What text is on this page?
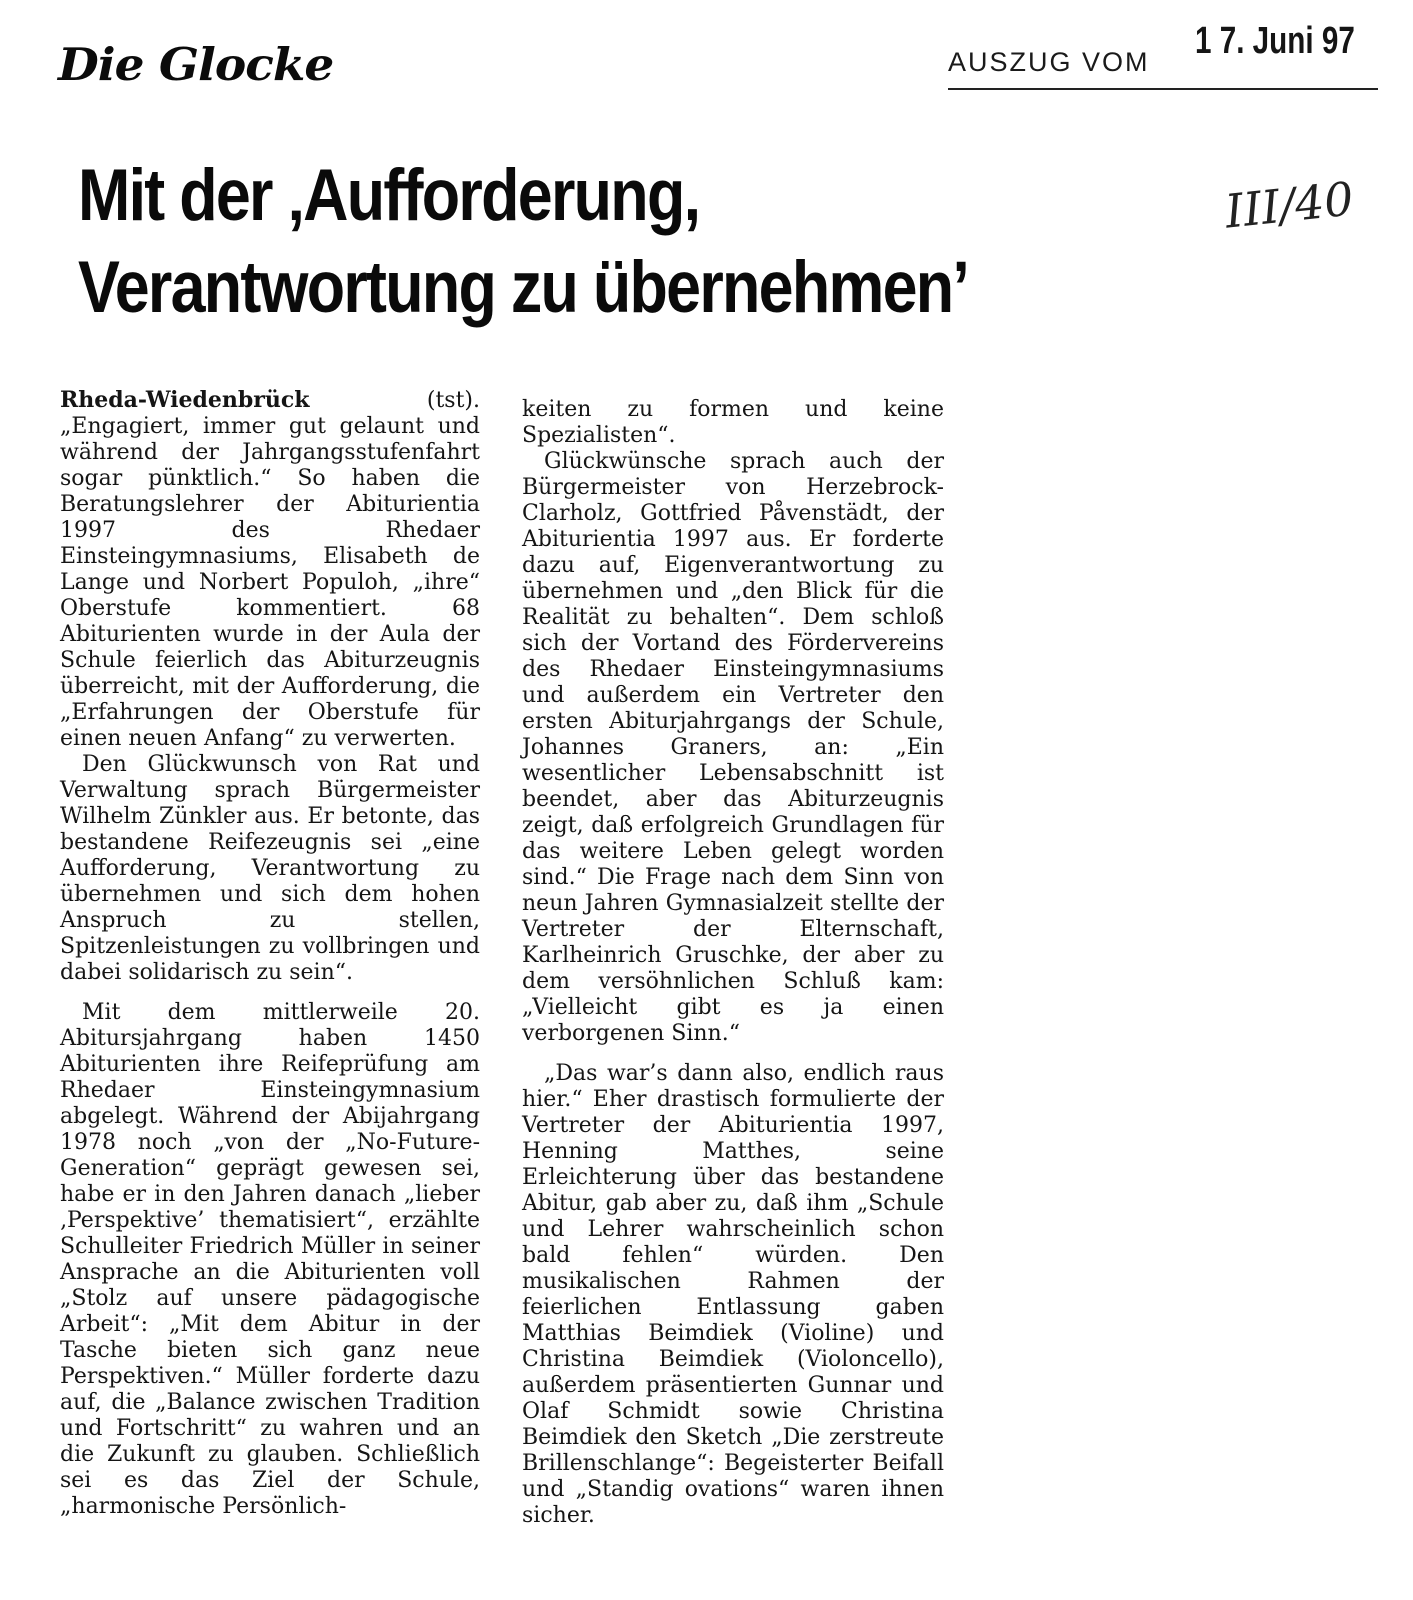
Die Glocke	AUSZUG VOM 1 7. Juni 97
Mit der ‚Aufforderung,
Verantwortung zu übernehmen’
III/40

Rheda-Wiedenbrück	(tst). „Engagiert, immer gut gelaunt und während der Jahrgangsstufenfahrt sogar pünktlich.“ So haben die Beratungslehrer der Abiturientia 1997 des Rhedaer Einsteingymnasiums, Elisabeth de Lange und Norbert Populoh, „ihre“ Oberstufe kommentiert. 68 Abiturienten wurde in der Aula der Schule feierlich das Abiturzeugnis überreicht, mit der Aufforderung, die „Erfahrungen der Oberstufe für einen neuen Anfang“ zu verwerten.

Den Glückwunsch von Rat und Verwaltung sprach Bürgermeister Wilhelm Zünkler aus. Er betonte, das bestandene Reifezeugnis sei „eine Aufforderung, Verantwortung zu übernehmen und sich dem hohen Anspruch zu stellen, Spitzenleistungen zu vollbringen und dabei solidarisch zu sein“.

Mit dem mittlerweile 20. Abitursjahrgang haben 1450 Abiturienten ihre Reifeprüfung am Rhedaer Einsteingymnasium abgelegt. Während der Abijahrgang 1978 noch „von der „No-Future-Generation“ geprägt gewesen sei, habe er in den Jahren danach „lieber ‚Perspektive’ thematisiert“, erzählte Schulleiter Friedrich Müller in seiner Ansprache an die Abiturienten voll „Stolz auf unsere pädagogische Arbeit“: „Mit dem Abitur in der Tasche bieten sich ganz neue Perspektiven.“ Müller forderte dazu auf, die „Balance zwischen Tradition und Fortschritt“ zu wahren und an die Zukunft zu glauben. Schließlich sei es das Ziel der Schule, „harmonische Persönlich-

keiten zu formen und keine Spezialisten“.

Glückwünsche sprach auch der Bürgermeister von Herzebrock-Clarholz, Gottfried Påvenstädt, der Abiturientia 1997 aus. Er forderte dazu auf, Eigenverantwortung zu übernehmen und „den Blick für die Realität zu behalten“. Dem schloß sich der Vortand des Fördervereins des Rhedaer Einsteingymnasiums und außerdem ein Vertreter den ersten Abiturjahrgangs der Schule, Johannes Graners, an: „Ein wesentlicher Lebensabschnitt ist beendet, aber das Abiturzeugnis zeigt, daß erfolgreich Grundlagen für das weitere Leben gelegt worden sind.“ Die Frage nach dem Sinn von neun Jahren Gymnasialzeit stellte der Vertreter der Elternschaft, Karlheinrich Gruschke, der aber zu dem versöhnlichen Schluß kam: „Vielleicht gibt es ja einen verborgenen Sinn.“

„Das war’s dann also, endlich raus hier.“ Eher drastisch formulierte der Vertreter der Abiturientia 1997, Henning Matthes, seine Erleichterung über das bestandene Abitur, gab aber zu, daß ihm „Schule und Lehrer wahrscheinlich schon bald fehlen“ würden. Den musikalischen Rahmen der feierlichen Entlassung gaben Matthias Beimdiek (Violine) und Christina Beimdiek (Violoncello), außerdem präsentierten Gunnar und Olaf Schmidt sowie Christina Beimdiek den Sketch „Die zerstreute Brillenschlange“: Begeisterter Beifall und „Standig ovations“ waren ihnen sicher.
